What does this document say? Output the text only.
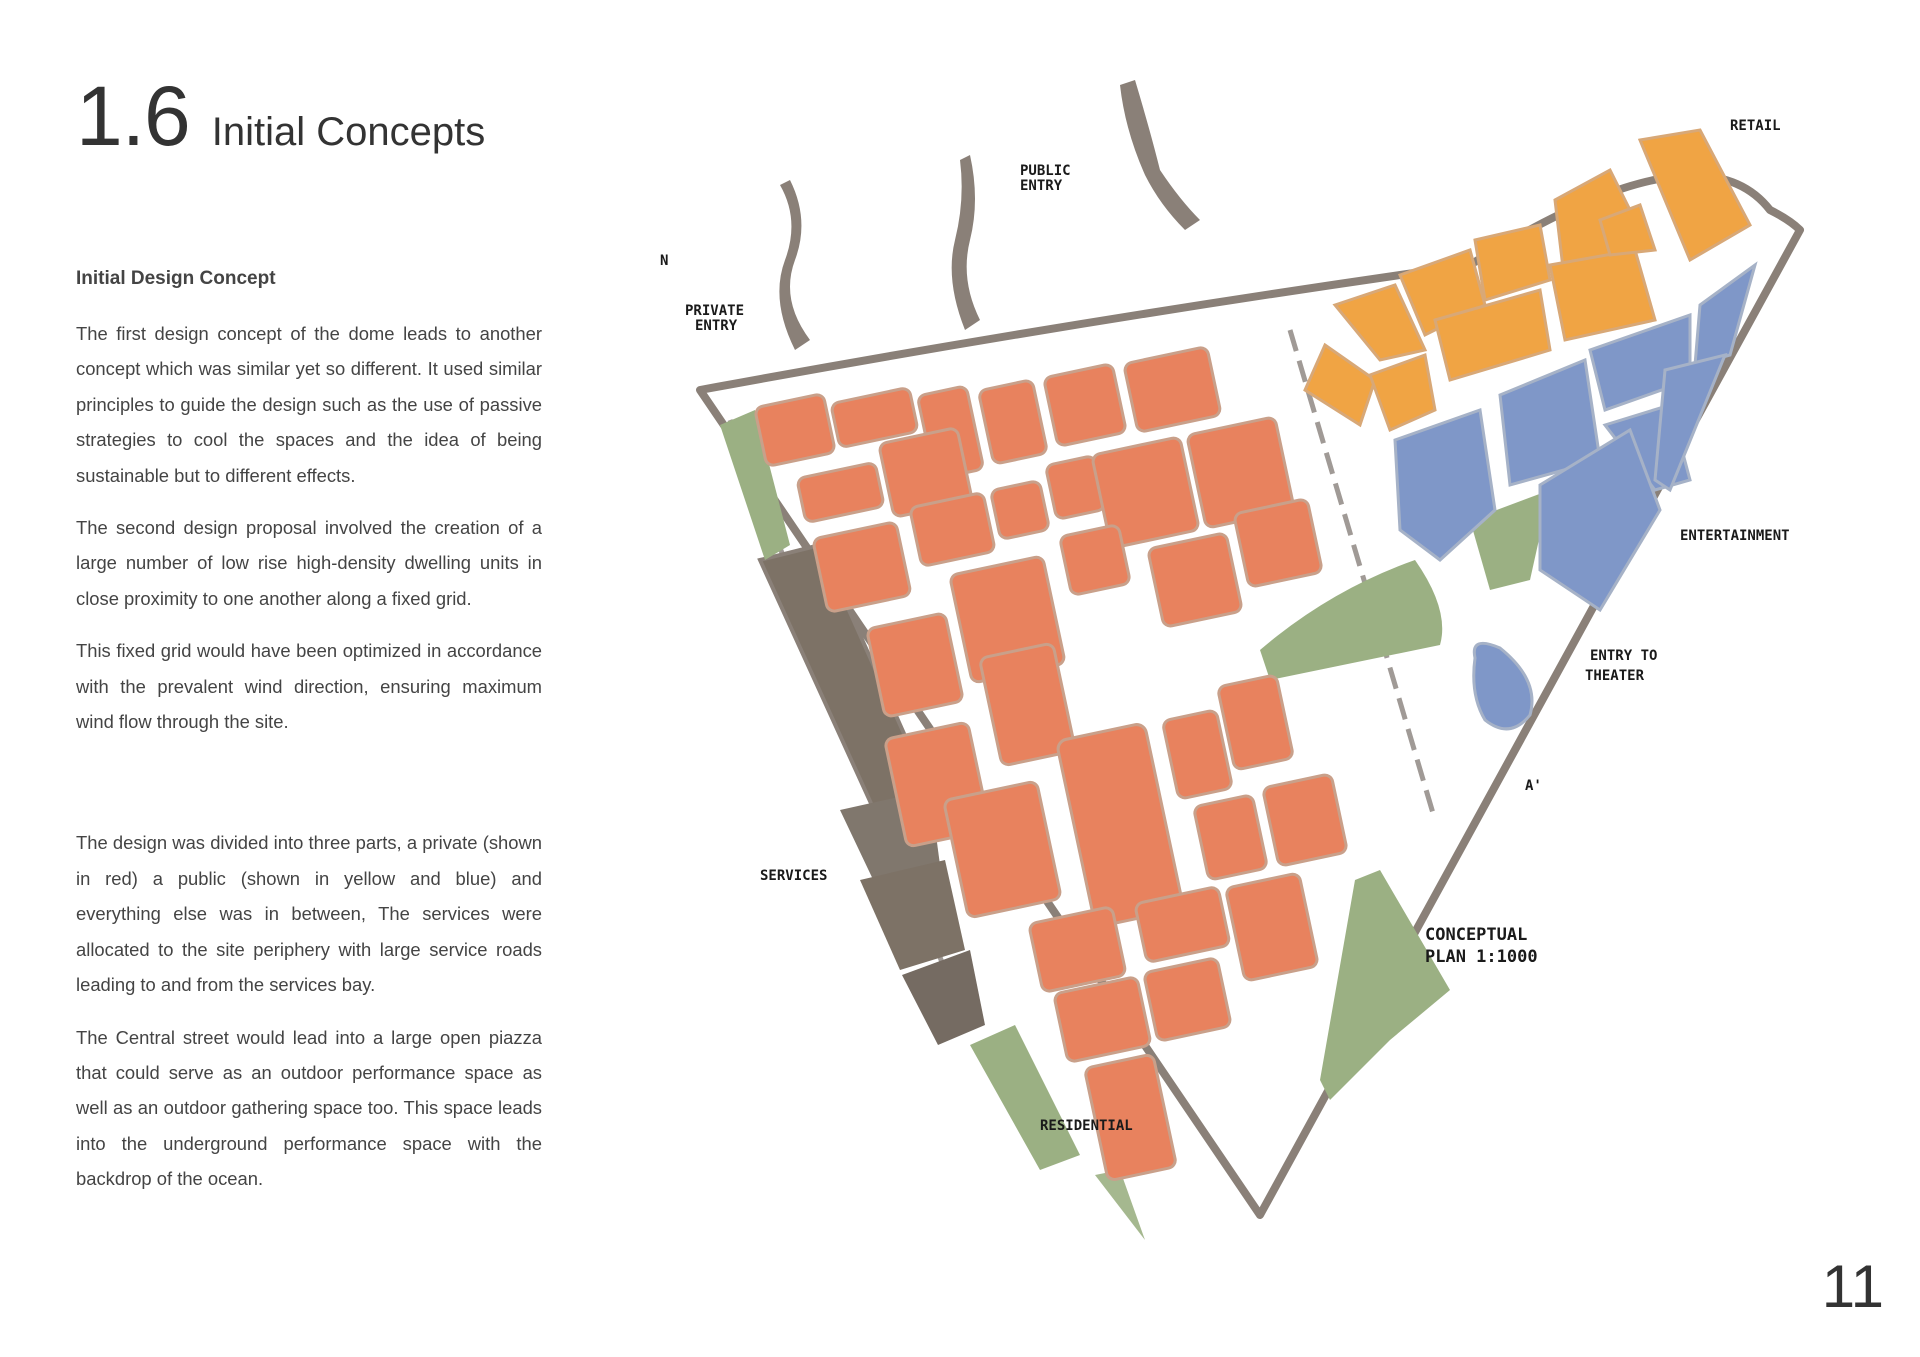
1.6 Initial Concepts

Initial Design Concept

The first design concept of the dome leads to another concept which was similar yet so different. It used similar principles to guide the design such as the use of passive strategies to cool the spaces and the idea of being sustainable but to different effects.

The second design proposal involved the creation of a large number of low rise high-density dwelling units in close proximity to one another along a fixed grid.

This fixed grid would have been optimized in accordance with the prevalent wind direction, ensuring maximum wind flow through the site.

The design was divided into three parts, a private (shown in red) a public (shown in yellow and blue) and everything else was in between, The services were allocated to the site periphery with large service roads leading to and from the services bay.

The Central street would lead into a large open piazza that could serve as an outdoor performance space as well as an outdoor gathering space too. This space leads into the underground performance space with the backdrop of the ocean.

N
PRIVATE
ENTRY
PUBLIC
ENTRY
RETAIL
ENTERTAINMENT
ENTRY TO
THEATER
A'
SERVICES
RESIDENTIAL
CONCEPTUAL
PLAN 1:1000
11
